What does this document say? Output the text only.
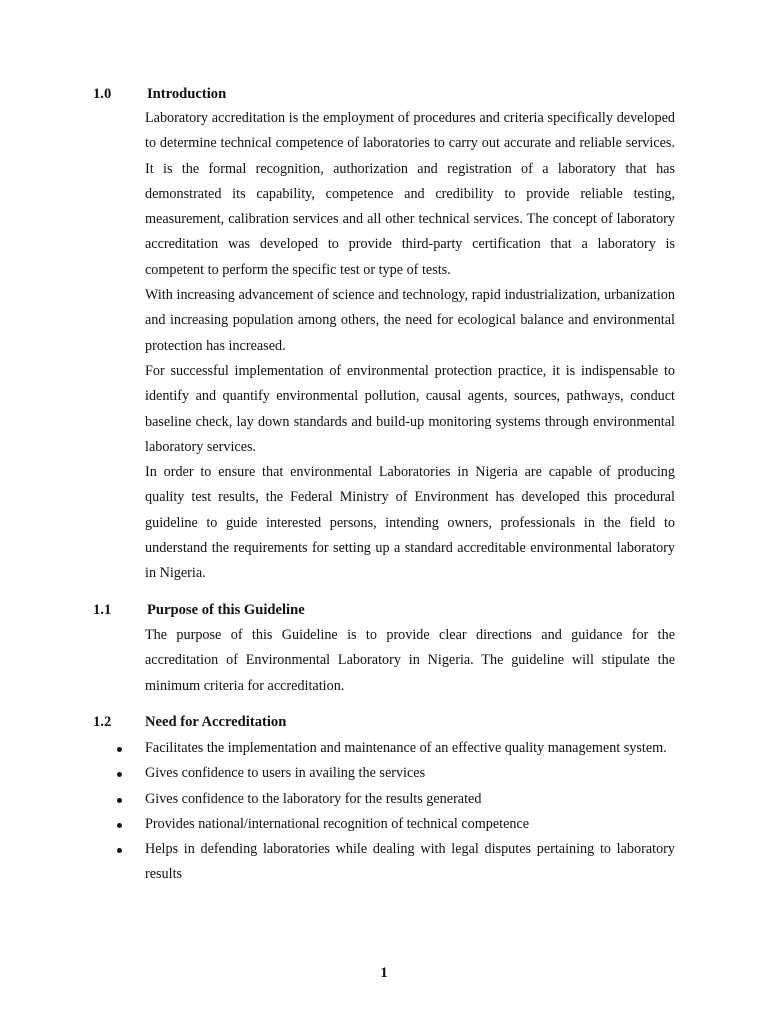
1.0 Introduction

Laboratory accreditation is the employment of procedures and criteria specifically developed to determine technical competence of laboratories to carry out accurate and reliable services. It is the formal recognition, authorization and registration of a laboratory that has demonstrated its capability, competence and credibility to provide reliable testing, measurement, calibration services and all other technical services. The concept of laboratory accreditation was developed to provide third-party certification that a laboratory is competent to perform the specific test or type of tests.

With increasing advancement of science and technology, rapid industrialization, urbanization and increasing population among others, the need for ecological balance and environmental protection has increased.

For successful implementation of environmental protection practice, it is indispensable to identify and quantify environmental pollution, causal agents, sources, pathways, conduct baseline check, lay down standards and build-up monitoring systems through environmental laboratory services.

In order to ensure that environmental Laboratories in Nigeria are capable of producing quality test results, the Federal Ministry of Environment has developed this procedural guideline to guide interested persons, intending owners, professionals in the field to understand the requirements for setting up a standard accreditable environmental laboratory in Nigeria.

1.1 Purpose of this Guideline

The purpose of this Guideline is to provide clear directions and guidance for the accreditation of Environmental Laboratory in Nigeria. The guideline will stipulate the minimum criteria for accreditation.

1.2 Need for Accreditation
Facilitates the implementation and maintenance of an effective quality management system.
Gives confidence to users in availing the services
Gives confidence to the laboratory for the results generated
Provides national/international recognition of technical competence
Helps in defending laboratories while dealing with legal disputes pertaining to laboratory results
1
